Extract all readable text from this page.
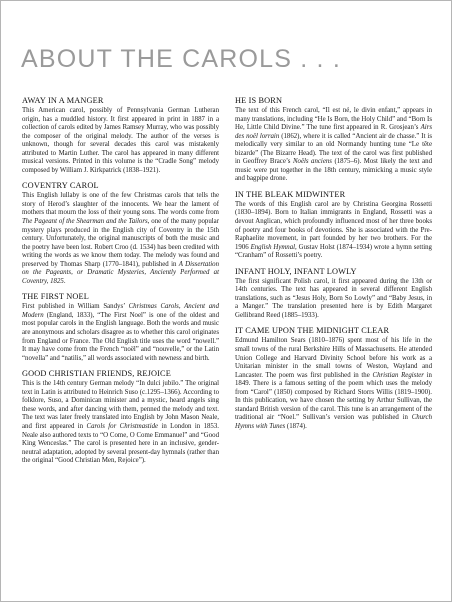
ABOUT THE CAROLS . . .
AWAY IN A MANGER

This American carol, possibly of Pennsylvania German Lutheran origin, has a muddled history. It first appeared in print in 1887 in a collection of carols edited by James Ramsey Murray, who was possibly the composer of the original melody. The author of the verses is unknown, though for several decades this carol was mistakenly attributed to Martin Luther. The carol has appeared in many different musical versions. Printed in this volume is the “Cradle Song” melody composed by William J. Kirkpatrick (1838–1921).

COVENTRY CAROL

This English lullaby is one of the few Christmas carols that tells the story of Herod’s slaughter of the innocents. We hear the lament of mothers that mourn the loss of their young sons. The words come from The Pageant of the Shearman and the Tailors, one of the many popular mystery plays produced in the English city of Coventry in the 15th century. Unfortunately, the original manuscripts of both the music and the poetry have been lost. Robert Croo (d. 1534) has been credited with writing the words as we know them today. The melody was found and preserved by Thomas Sharp (1770–1841), published in A Dissertation on the Pageants, or Dramatic Mysteries, Anciently Performed at Coventry, 1825.

THE FIRST NOEL

First published in William Sandys’ Christmas Carols, Ancient and Modern (England, 1833), “The First Noel” is one of the oldest and most popular carols in the English language. Both the words and music are anonymous and scholars disagree as to whether this carol originates from England or France. The Old English title uses the word “nowell.” It may have come from the French “noël” and “nouvelle,” or the Latin “novella” and “natilis,” all words associated with newness and birth.

GOOD CHRISTIAN FRIENDS, REJOICE

This is the 14th century German melody “In dulci jubilo.” The original text in Latin is attributed to Heinrich Suso (c.1295–1366). According to folklore, Suso, a Dominican minister and a mystic, heard angels sing these words, and after dancing with them, penned the melody and text. The text was later freely translated into English by John Mason Neale, and first appeared in Carols for Christmastide in London in 1853. Neale also authored texts to “O Come, O Come Emmanuel” and “Good King Wenceslas.” The carol is presented here in an inclusive, gender-neutral adaptation, adopted by several present-day hymnals (rather than the original “Good Christian Men, Rejoice”).

HE IS BORN

The text of this French carol, “Il est né, le divin enfant,” appears in many translations, including “He Is Born, the Holy Child” and “Born Is He, Little Child Divine.” The tune first appeared in R. Grosjean’s Airs des noël lorrain (1862), where it is called “Ancient air de chasse.” It is melodically very similar to an old Normandy hunting tune “Le tête bizarde” (The Bizarre Head). The text of the carol was first published in Geoffrey Brace’s Noëls anciens (1875–6). Most likely the text and music were put together in the 18th century, mimicking a music style and bagpipe drone.

IN THE BLEAK MIDWINTER

The words of this English carol are by Christina Georgina Rossetti (1830–1894). Born to Italian immigrants in England, Rossetti was a devout Anglican, which profoundly influenced most of her three books of poetry and four books of devotions. She is associated with the Pre-Raphaelite movement, in part founded by her two brothers. For the 1906 English Hymnal, Gustav Holst (1874–1934) wrote a hymn setting “Cranham” of Rossetti’s poetry.

INFANT HOLY, INFANT LOWLY

The first significant Polish carol, it first appeared during the 13th or 14th centuries. The text has appeared in several different English translations, such as “Jesus Holy, Born So Lowly” and “Baby Jesus, in a Manger.” The translation presented here is by Edith Margaret Gellibrand Reed (1885–1933).

IT CAME UPON THE MIDNIGHT CLEAR

Edmund Hamilton Sears (1810–1876) spent most of his life in the small towns of the rural Berkshire Hills of Massachusetts. He attended Union College and Harvard Divinity School before his work as a Unitarian minister in the small towns of Weston, Wayland and Lancaster. The poem was first published in the Christian Register in 1849. There is a famous setting of the poem which uses the melody from “Carol” (1850) composed by Richard Storrs Willis (1819–1900). In this publication, we have chosen the setting by Arthur Sullivan, the standard British version of the carol. This tune is an arrangement of the traditional air “Noel.” Sullivan’s version was published in Church Hymns with Tunes (1874).
